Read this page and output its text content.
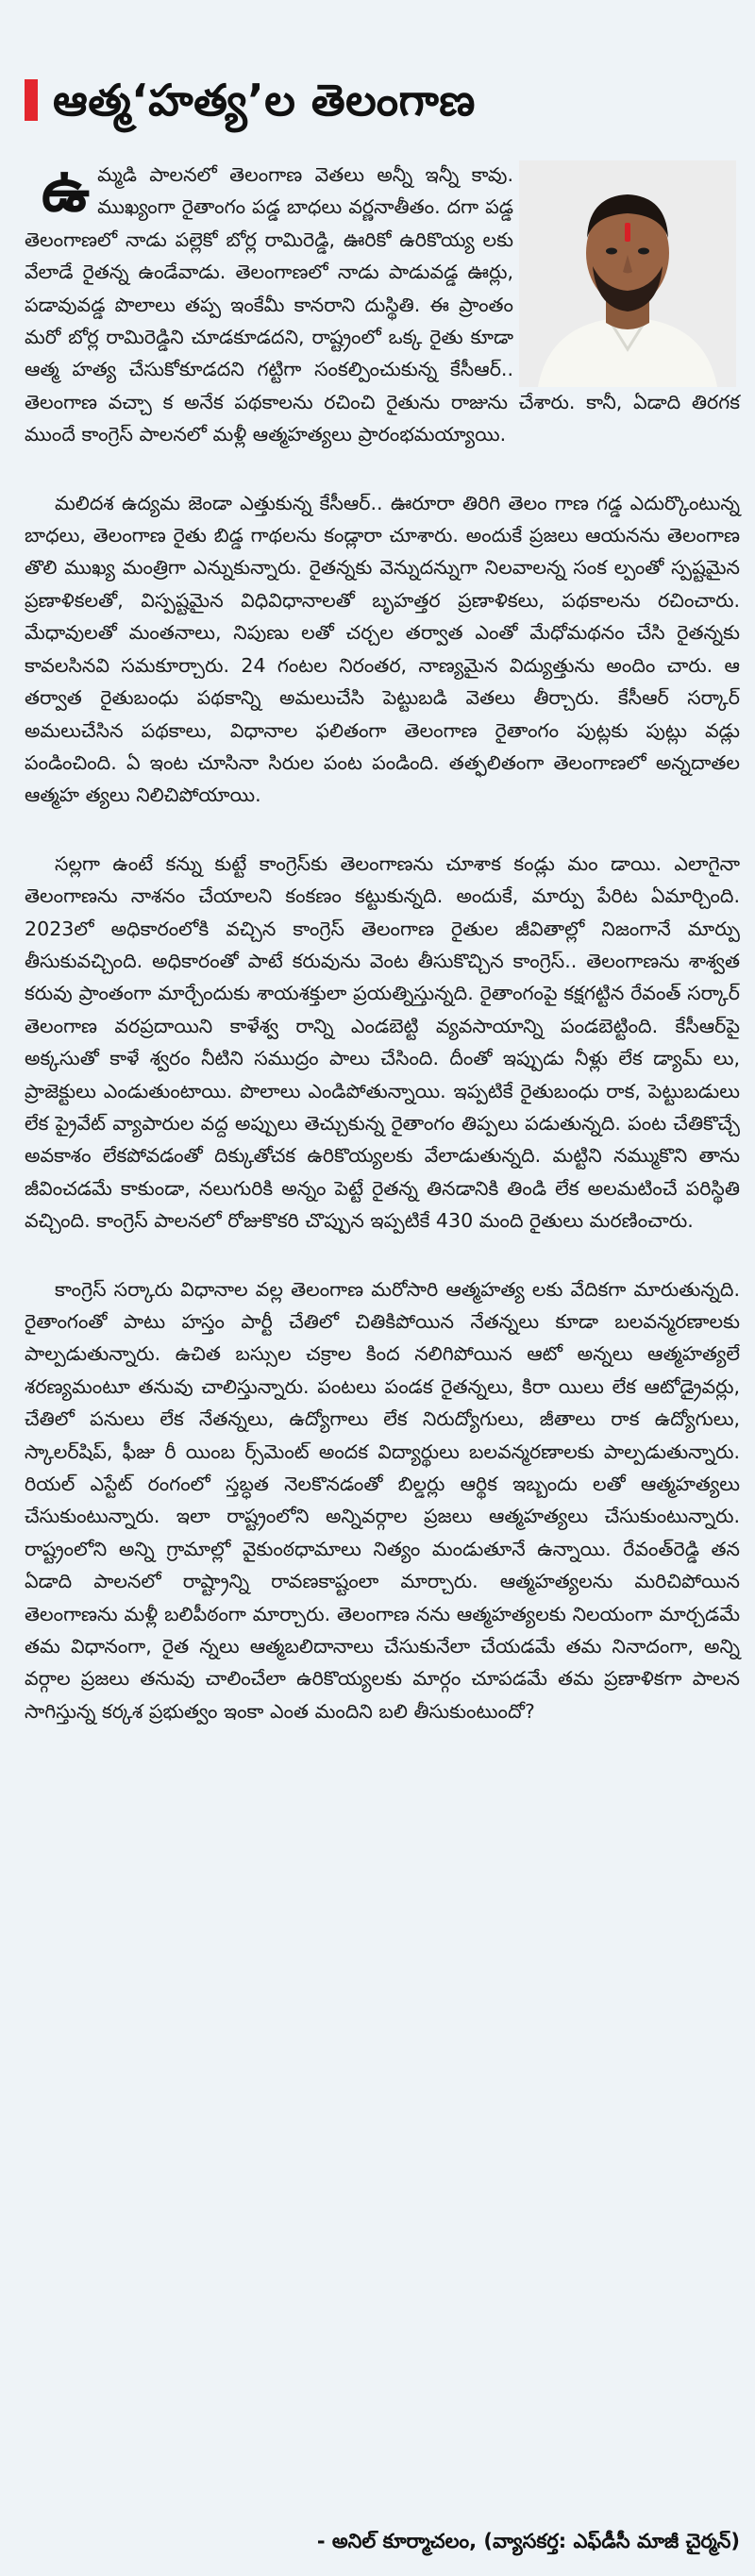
ఆత్మ‘హత్య’ల తెలంగాణ

ఉమ్మడి పాలనలో తెలంగాణ వెతలు అన్నీ ఇన్నీ కావు. ముఖ్యంగా రైతాంగం పడ్డ బాధలు వర్ణనాతీతం. దగా పడ్డ తెలంగాణలో నాడు పల్లెకో బోర్ల రామిరెడ్డి, ఊరికో ఉరికొయ్య లకు వేలాడే రైతన్న ఉండేవాడు. తెలంగాణలో నాడు పాడువడ్డ ఊర్లు, పడావువడ్డ పొలాలు తప్ప ఇంకేమీ కానరాని దుస్థితి. ఈ ప్రాంతం మరో బోర్ల రామిరెడ్డిని చూడకూడదని, రాష్ట్రంలో ఒక్క రైతు కూడా ఆత్మ హత్య చేసుకోకూడదని గట్టిగా సంకల్పించుకున్న కేసీఆర్.. తెలంగాణ వచ్చా క అనేక పథకాలను రచించి రైతును రాజును చేశారు. కానీ, ఏడాది తిరగక ముందే కాంగ్రెస్ పాలనలో మళ్లీ ఆత్మహత్యలు ప్రారంభమయ్యాయి.

మలిదశ ఉద్యమ జెండా ఎత్తుకున్న కేసీఆర్.. ఊరూరా తిరిగి తెలం గాణ గడ్డ ఎదుర్కొంటున్న బాధలు, తెలంగాణ రైతు బిడ్డ గాథలను కండ్లారా చూశారు. అందుకే ప్రజలు ఆయనను తెలంగాణ తొలి ముఖ్య మంత్రిగా ఎన్నుకున్నారు. రైతన్నకు వెన్నుదన్నుగా నిలవాలన్న సంక ల్పంతో స్పష్టమైన ప్రణాళికలతో, విస్పష్టమైన విధివిధానాలతో బృహత్తర ప్రణాళికలు, పథకాలను రచించారు. మేధావులతో మంతనాలు, నిపుణు లతో చర్చల తర్వాత ఎంతో మేధోమథనం చేసి రైతన్నకు కావలసినవి సమకూర్చారు. 24 గంటల నిరంతర, నాణ్యమైన విద్యుత్తును అందిం చారు. ఆ తర్వాత రైతుబంధు పథకాన్ని అమలుచేసి పెట్టుబడి వెతలు తీర్చారు. కేసీఆర్ సర్కార్ అమలుచేసిన పథకాలు, విధానాల ఫలితంగా తెలంగాణ రైతాంగం పుట్లకు పుట్లు వడ్లు పండించింది. ఏ ఇంట చూసినా సిరుల పంట పండింది. తత్ఫలితంగా తెలంగాణలో అన్నదాతల ఆత్మహ త్యలు నిలిచిపోయాయి.

సల్లగా ఉంటే కన్ను కుట్టే కాంగ్రెస్‌కు తెలంగాణను చూశాక కండ్లు మం డాయి. ఎలాగైనా తెలంగాణను నాశనం చేయాలని కంకణం కట్టుకున్నది. అందుకే, మార్పు పేరిట ఏమార్చింది. 2023లో అధికారంలోకి వచ్చిన కాంగ్రెస్ తెలంగాణ రైతుల జీవితాల్లో నిజంగానే మార్పు తీసుకువచ్చింది. అధికారంతో పాటే కరువును వెంట తీసుకొచ్చిన కాంగ్రెస్.. తెలంగాణను శాశ్వత కరువు ప్రాంతంగా మార్చేందుకు శాయశక్తులా ప్రయత్నిస్తున్నది. రైతాంగంపై కక్షగట్టిన రేవంత్ సర్కార్ తెలంగాణ వరప్రదాయిని కాళేశ్వ రాన్ని ఎండబెట్టి వ్యవసాయాన్ని పండబెట్టింది. కేసీఆర్‌పై అక్కసుతో కాళే శ్వరం నీటిని సముద్రం పాలు చేసింది. దీంతో ఇప్పుడు నీళ్లు లేక డ్యామ్ లు, ప్రాజెక్టులు ఎండుతుంటాయి. పొలాలు ఎండిపోతున్నాయి. ఇప్పటికే రైతుబంధు రాక, పెట్టుబడులు లేక ప్రైవేట్ వ్యాపారుల వద్ద అప్పులు తెచ్చుకున్న రైతాంగం తిప్పలు పడుతున్నది. పంట చేతికొచ్చే అవకాశం లేకపోవడంతో దిక్కుతోచక ఉరికొయ్యలకు వేలాడుతున్నది. మట్టిని నమ్ముకొని తాను జీవించడమే కాకుండా, నలుగురికి అన్నం పెట్టే రైతన్న తినడానికి తిండి లేక అలమటించే పరిస్థితి వచ్చింది. కాంగ్రెస్ పాలనలో రోజుకొకరి చొప్పున ఇప్పటికే 430 మంది రైతులు మరణించారు.

కాంగ్రెస్ సర్కారు విధానాల వల్ల తెలంగాణ మరోసారి ఆత్మహత్య లకు వేదికగా మారుతున్నది. రైతాంగంతో పాటు హస్తం పార్టీ చేతిలో చితికిపోయిన నేతన్నలు కూడా బలవన్మరణాలకు పాల్పడుతున్నారు. ఉచిత బస్సుల చక్రాల కింద నలిగిపోయిన ఆటో అన్నలు ఆత్మహత్యలే శరణ్యమంటూ తనువు చాలిస్తున్నారు. పంటలు పండక రైతన్నలు, కిరా యిలు లేక ఆటోడ్రైవర్లు, చేతిలో పనులు లేక నేతన్నలు, ఉద్యోగాలు లేక నిరుద్యోగులు, జీతాలు రాక ఉద్యోగులు, స్కాలర్‌షిప్, ఫీజు రీ యింబ ర్స్‌మెంట్ అందక విద్యార్థులు బలవన్మరణాలకు పాల్పడుతున్నారు. రియల్ ఎస్టేట్ రంగంలో స్తబ్ధత నెలకొనడంతో బిల్డర్లు ఆర్థిక ఇబ్బందు లతో ఆత్మహత్యలు చేసుకుంటున్నారు. ఇలా రాష్ట్రంలోని అన్నివర్గాల ప్రజలు ఆత్మహత్యలు చేసుకుంటున్నారు. రాష్ట్రంలోని అన్ని గ్రామాల్లో వైకుంఠధామాలు నిత్యం మండుతూనే ఉన్నాయి. రేవంత్‌రెడ్డి తన ఏడాది పాలనలో రాష్ట్రాన్ని రావణకాష్టంలా మార్చారు. ఆత్మహత్యలను మరిచిపోయిన తెలంగాణను మళ్లీ బలిపీఠంగా మార్చారు. తెలంగాణ నను ఆత్మహత్యలకు నిలయంగా మార్చడమే తమ విధానంగా, రైత న్నలు ఆత్మబలిదానాలు చేసుకునేలా చేయడమే తమ నినాదంగా, అన్ని వర్గాల ప్రజలు తనువు చాలించేలా ఉరికొయ్యలకు మార్గం చూపడమే తమ ప్రణాళికగా పాలన సాగిస్తున్న కర్కశ ప్రభుత్వం ఇంకా ఎంత మందిని బలి తీసుకుంటుందో?

- అనిల్ కూర్మాచలం, (వ్యాసకర్త: ఎఫ్‌డీసీ మాజీ చైర్మన్)
